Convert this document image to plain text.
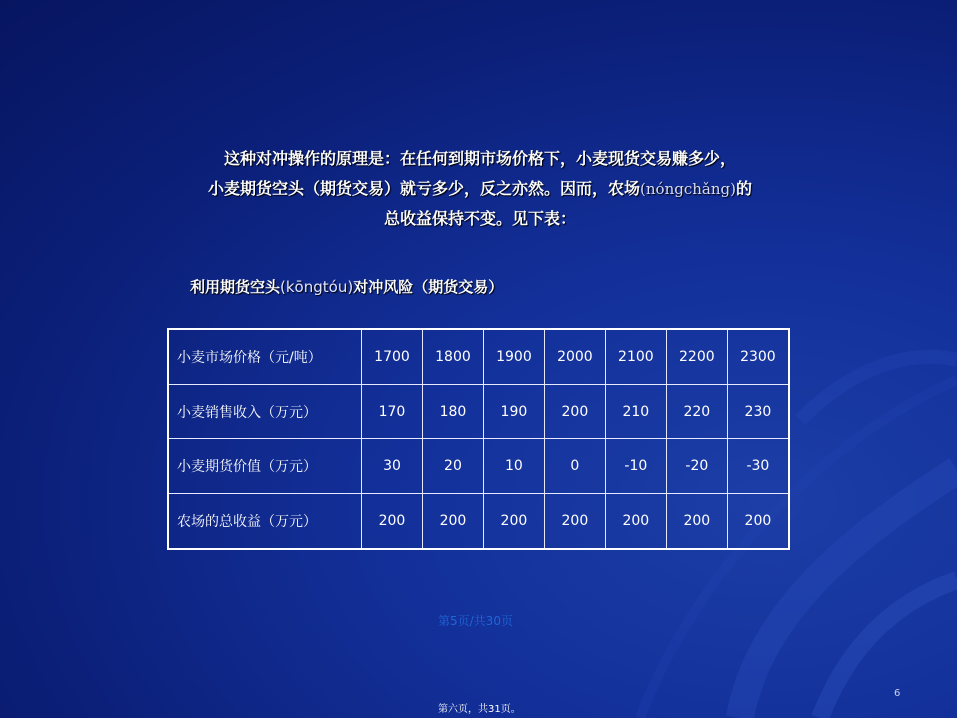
这种对冲操作的原理是：在任何到期市场价格下，小麦现货交易赚多少，
小麦期货空头（期货交易）就亏多少，反之亦然。因而，农场(nóngchǎng)的
总收益保持不变。见下表：
利用期货空头(kōngtóu)对冲风险（期货交易）
小麦市场价格（元/吨）	1700	1800	1900	2000	2100	2200	2300
小麦销售收入（万元）	170	180	190	200	210	220	230
小麦期货价值（万元）	30	20	10	0	-10	-20	-30
农场的总收益（万元）	200	200	200	200	200	200	200
第5页/共30页
6
第六页，共31页。
